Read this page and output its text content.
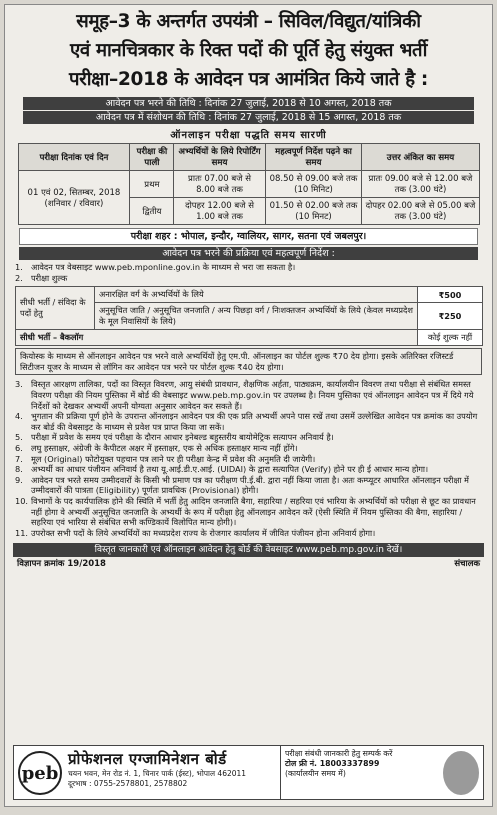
समूह–3 के अन्तर्गत उपयंत्री – सिविल/विद्युत/यांत्रिकी
एवं मानचित्रकार के रिक्त पदों की पूर्ति हेतु संयुक्त भर्ती
परीक्षा–2018 के आवेदन पत्र आमंत्रित किये जाते है :
आवेदन पत्र भरने की तिथि : दिनांक 27 जुलाई, 2018 से 10 अगस्त, 2018 तक
आवेदन पत्र में संशोधन की तिथि : दिनांक 27 जुलाई, 2018 से 15 अगस्त, 2018 तक
ऑनलाइन परीक्षा पद्धति समय सारणी
परीक्षा दिनांक एवं दिन	परीक्षा की पाली	अभ्यर्थियों के लिये रिपोर्टिंग समय	महत्वपूर्ण निर्देश पढ़ने का समय	उत्तर अंकित का समय
01 एवं 02, सितम्बर, 2018 (शनिवार / रविवार)	प्रथम	प्रातः 07.00 बजे से 8.00 बजे तक	08.50 से 09.00 बजे तक (10 मिनिट)	प्रातः 09.00 बजे से 12.00 बजे तक (3.00 घंटे)
	द्वितीय	दोपहर 12.00 बजे से 1.00 बजे तक	01.50 से 02.00 बजे तक (10 मिनट)	दोपहर 02.00 बजे से 05.00 बजे तक (3.00 घंटे)
परीक्षा शहर : भोपाल, इन्दौर, ग्वालियर, सागर, सतना एवं जबलपुर।
आवेदन पत्र भरने की प्रक्रिया एवं महत्वपूर्ण निर्देश :
1. आवेदन पत्र वेबसाइट www.peb.mponline.gov.in के माध्यम से भरा जा सकता है।
2. परीक्षा शुल्क
सीधी भर्ती / संविदा के पदों हेतु	अनारक्षित वर्ग के अभ्यर्थियों के लिये	₹500
	अनुसूचित जाति / अनुसूचित जनजाति / अन्य पिछड़ा वर्ग / निःशक्तजन अभ्यर्थियों के लिये (केवल मध्यप्रदेश के मूल निवासियों के लिये)	₹250
सीधी भर्ती – बैकलॉग		कोई शुल्क नहीं
कियोस्क के माध्यम से ऑनलाइन आवेदन पत्र भरने वाले अभ्यर्थियों हेतु एम.पी. ऑनलाइन का पोर्टल शुल्क ₹70 देय होगा। इसके अतिरिक्त रजिस्टर्ड सिटीजन यूजर के माध्यम से लॉगिन कर आवेदन पत्र भरने पर पोर्टल शुल्क ₹40 देय होगा।
3. विस्तृत आरक्षण तालिका, पदों का विस्तृत विवरण, आयु संबंधी प्रावधान, शैक्षणिक अर्हता, पाठ्यक्रम, कार्यालयीन विवरण तथा परीक्षा से संबंधित समस्त विवरण परीक्षा की नियम पुस्तिका में बोर्ड की वेबसाइट www.peb.mp.gov.in पर उपलब्ध है। नियम पुस्तिका एवं ऑनलाइन आवेदन पत्र में दिये गये निर्देशों को देखकर अभ्यर्थी अपनी योग्यता अनुसार आवेदन कर सकते हैं।
4. भुगतान की प्रक्रिया पूर्ण होने के उपरान्त ऑनलाइन आवेदन पत्र की एक प्रति अभ्यर्थी अपने पास रखें तथा उसमें उल्लेखित आवेदन पत्र क्रमांक का उपयोग कर बोर्ड की वेबसाइट के माध्यम से प्रवेश पत्र प्राप्त किया जा सकें।
5. परीक्षा में प्रवेश के समय एवं परीक्षा के दौरान आधार इनेबल्ड बहुस्तरीय बायोमेट्रिक सत्यापन अनिवार्य है।
6. लघु हस्ताक्षर, अंग्रेजी के कैपीटल अक्षर में हस्ताक्षर, एक से अधिक हस्ताक्षर मान्य नहीं होंगे।
7. मूल (Original) फोटोयुक्त पहचान पत्र लाने पर ही परीक्षा केन्द्र में प्रवेश की अनुमति दी जायेगी।
8. अभ्यर्थी का आधार पंजीयन अनिवार्य है तथा यू.आई.डी.ए.आई. (UIDAI) के द्वारा सत्यापित (Verify) होने पर ही ई आधार मान्य होगा।
9. आवेदन पत्र भरते समय उम्मीदवारों के किसी भी प्रमाण पत्र का परीक्षण पी.ई.बी. द्वारा नहीं किया जाता है। अतः कम्प्यूटर आधारित ऑनलाइन परीक्षा में उम्मीदवारों की पात्रता (Eligibility) पूर्णतः प्रावधिक (Provisional) होगी।
10. विभागों के पद कार्यपालिक होने की स्थिति में भर्ती हेतु आदिम जनजाति बैगा, सहारिया / सहरिया एवं भारिया के अभ्यर्थियों को परीक्षा से छूट का प्रावधान नहीं होगा वे अभ्यर्थी अनुसूचित जनजाति के अभ्यर्थी के रूप में परीक्षा हेतु ऑनलाइन आवेदन करें (ऐसी स्थिति में नियम पुस्तिका की बैगा, सहारिया / सहरिया एवं भारिया से संबंधित सभी कण्डिकायें विलोपित मान्य होगी)।
11. उपरोक्त सभी पदों के लिये अभ्यर्थियों का मध्यप्रदेश राज्य के रोजगार कार्यालय में जीवित पंजीयन होना अनिवार्य होगा।
विस्तृत जानकारी एवं ऑनलाइन आवेदन हेतु बोर्ड की वेबसाइट www.peb.mp.gov.in देखें।
विज्ञापन क्रमांक 19/2018	संचालक
peb
प्रोफेशनल एग्जामिनेशन बोर्ड
चयन भवन, मेन रोड नं. 1, चिनार पार्क (ईस्ट), भोपाल 462011
दूरभाष : 0755-2578801, 2578802
परीक्षा संबंधी जानकारी हेतु सम्पर्क करें
टोल फ्री नं. 18003337899
(कार्यालयीन समय में)
